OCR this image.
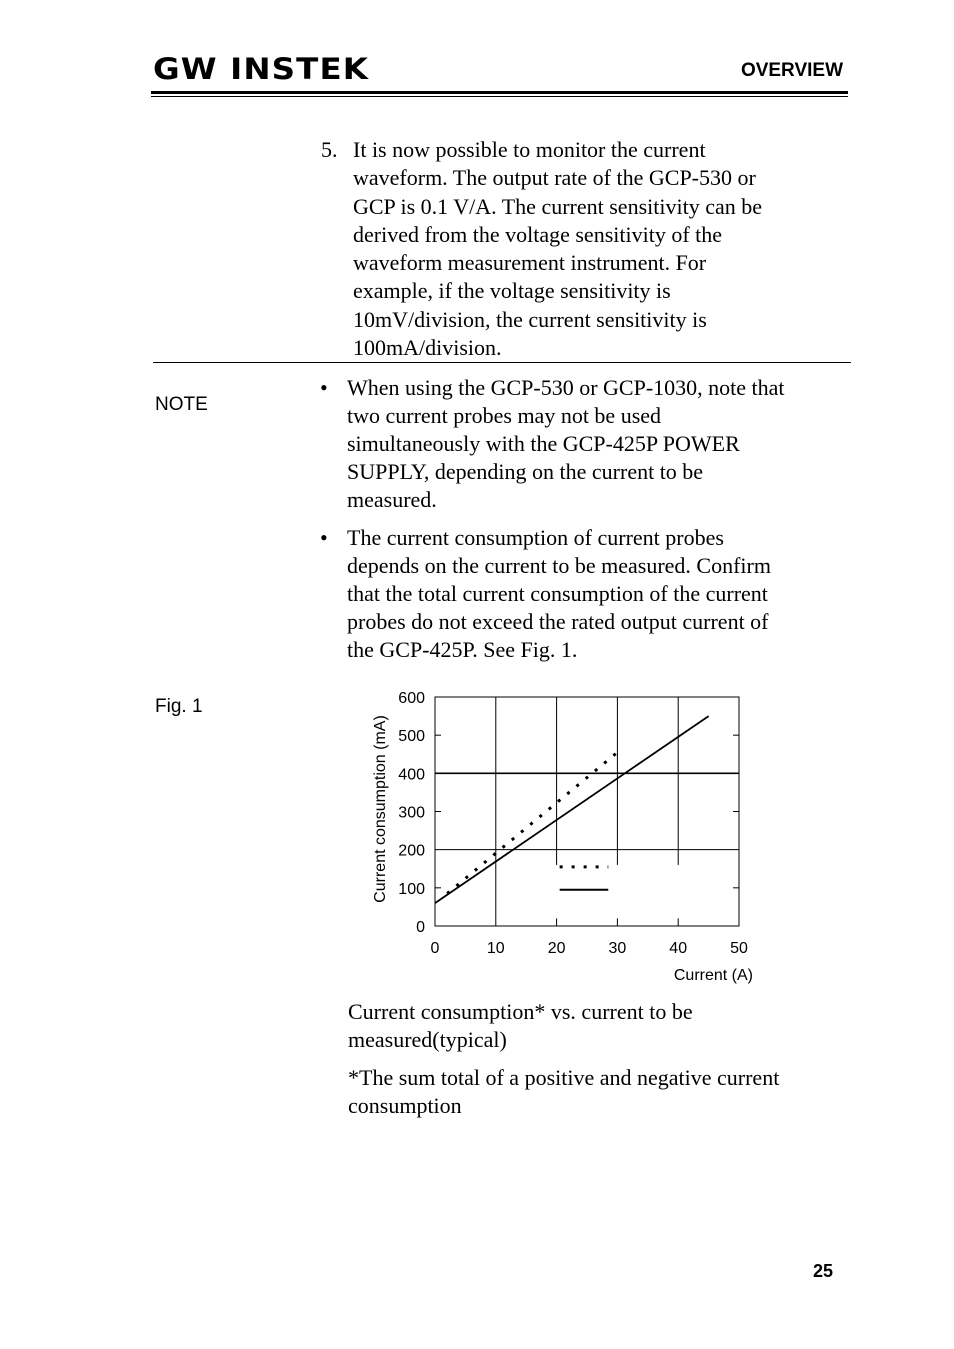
GW INSTEK	OVERVIEW
5. It is now possible to monitor the current
waveform. The output rate of the GCP-530 or
GCP is 0.1 V/A. The current sensitivity can be
derived from the voltage sensitivity of the
waveform measurement instrument. For
example, if the voltage sensitivity is
10mV/division, the current sensitivity is
100mA/division.
NOTE
• When using the GCP-530 or GCP-1030, note that
two current probes may not be used
simultaneously with the GCP-425P POWER
SUPPLY, depending on the current to be
measured.
• The current consumption of current probes
depends on the current to be measured. Confirm
that the total current consumption of the current
probes do not exceed the rated output current of
the GCP-425P. See Fig. 1.
Fig. 1
0
100
200
300
400
500
600
0	10	20	30	40	50
Current (A)
Current consumption (mA)
Current consumption* vs. current to be
measured(typical)
*The sum total of a positive and negative current
consumption
25
